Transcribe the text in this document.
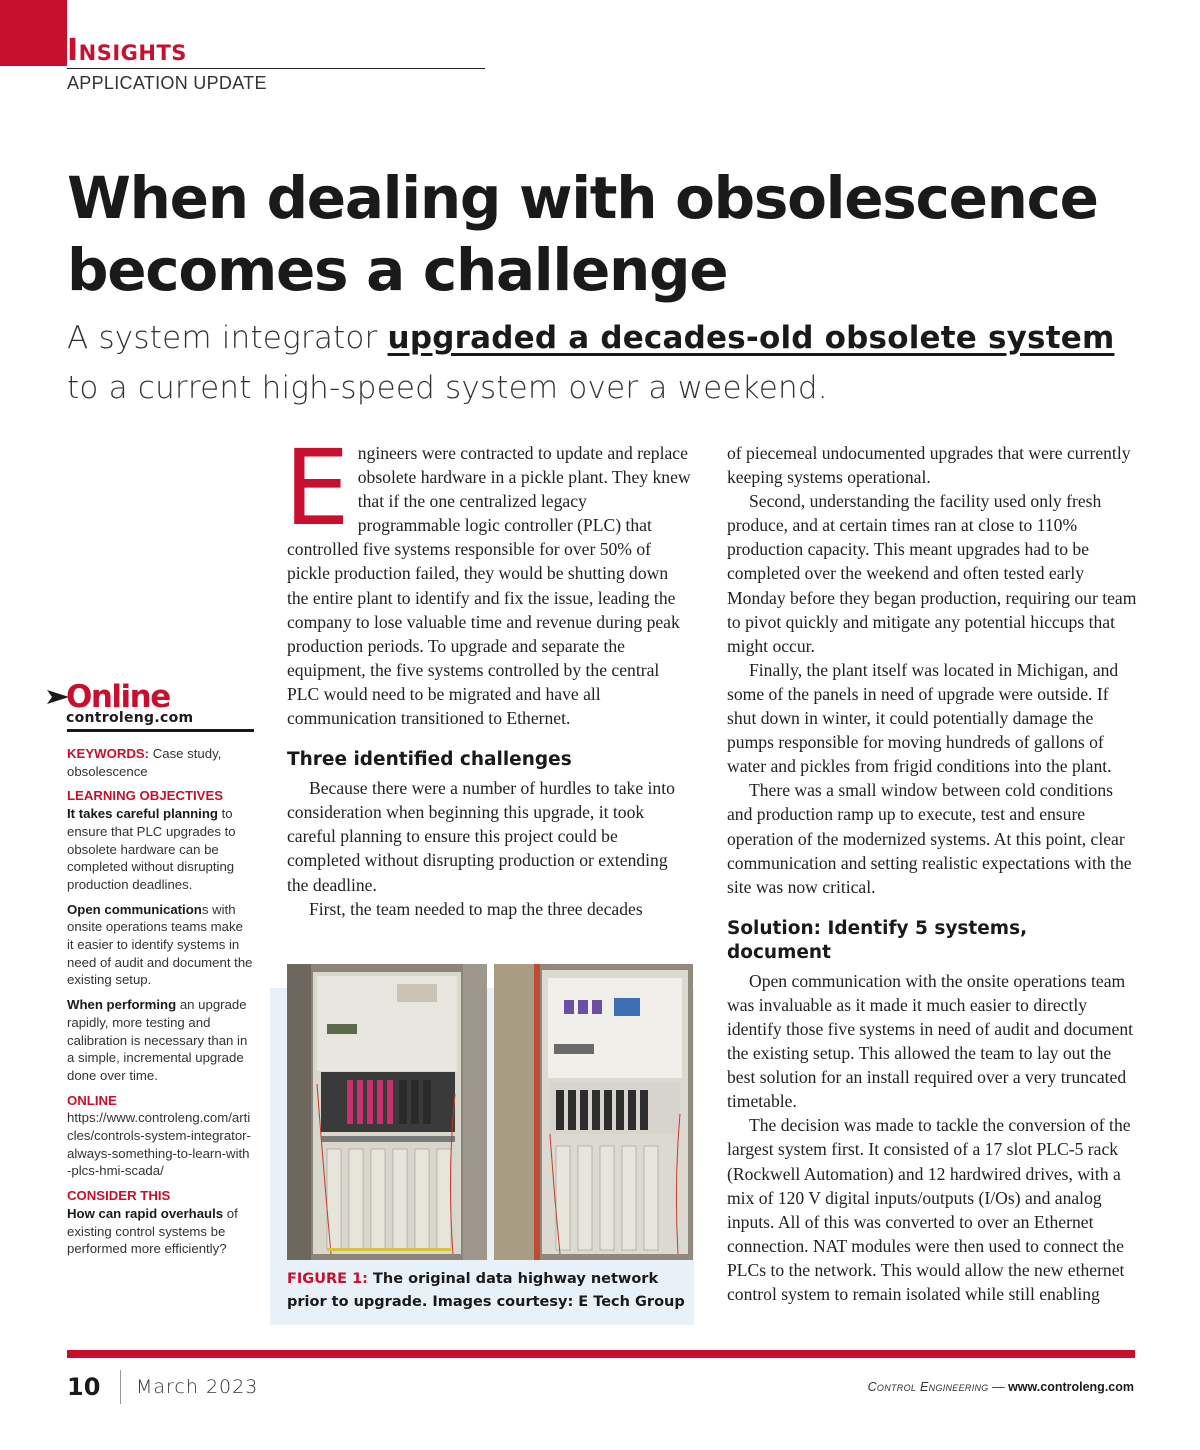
Insights
APPLICATION UPDATE
When dealing with obsolescence becomes a challenge
A system integrator upgraded a decades-old obsolete system to a current high-speed system over a weekend.
Online
controleng.com

KEYWORDS: Case study, obsolescence

LEARNING OBJECTIVES

It takes careful planning to ensure that PLC upgrades to obsolete hardware can be completed without disrupting production deadlines.

Open communications with onsite operations teams make it easier to identify systems in need of audit and document the existing setup.

When performing an upgrade rapidly, more testing and calibration is necessary than in a simple, incremental upgrade done over time.

ONLINE

https://www.controleng.com/articles/controls-system-integrator-always-something-to-learn-with-plcs-hmi-scada/

CONSIDER THIS

How can rapid overhauls of existing control systems be performed more efficiently?

Engineers were contracted to update and replace obsolete hardware in a pickle plant. They knew that if the one centralized legacy programmable logic controller (PLC) that controlled five systems responsible for over 50% of pickle production failed, they would be shutting down the entire plant to identify and fix the issue, leading the company to lose valuable time and revenue during peak production periods. To upgrade and separate the equipment, the five systems controlled by the central PLC would need to be migrated and have all communication transitioned to Ethernet.

Three identified challenges

Because there were a number of hurdles to take into consideration when beginning this upgrade, it took careful planning to ensure this project could be completed without disrupting production or extending the deadline.

First, the team needed to map the three decades

FIGURE 1: The original data highway network prior to upgrade. Images courtesy: E Tech Group

of piecemeal undocumented upgrades that were currently keeping systems operational.

Second, understanding the facility used only fresh produce, and at certain times ran at close to 110% production capacity. This meant upgrades had to be completed over the weekend and often tested early Monday before they began production, requiring our team to pivot quickly and mitigate any potential hiccups that might occur.

Finally, the plant itself was located in Michigan, and some of the panels in need of upgrade were outside. If shut down in winter, it could potentially damage the pumps responsible for moving hundreds of gallons of water and pickles from frigid conditions into the plant.

There was a small window between cold conditions and production ramp up to execute, test and ensure operation of the modernized systems. At this point, clear communication and setting realistic expectations with the site was now critical.

Solution: Identify 5 systems, document

Open communication with the onsite operations team was invaluable as it made it much easier to directly identify those five systems in need of audit and document the existing setup. This allowed the team to lay out the best solution for an install required over a very truncated timetable.

The decision was made to tackle the conversion of the largest system first. It consisted of a 17 slot PLC-5 rack (Rockwell Automation) and 12 hardwired drives, with a mix of 120 V digital inputs/outputs (I/Os) and analog inputs. All of this was converted to over an Ethernet connection. NAT modules were then used to connect the PLCs to the network. This would allow the new ethernet control system to remain isolated while still enabling

10 March 2023	Control Engineering — www.controleng.com
